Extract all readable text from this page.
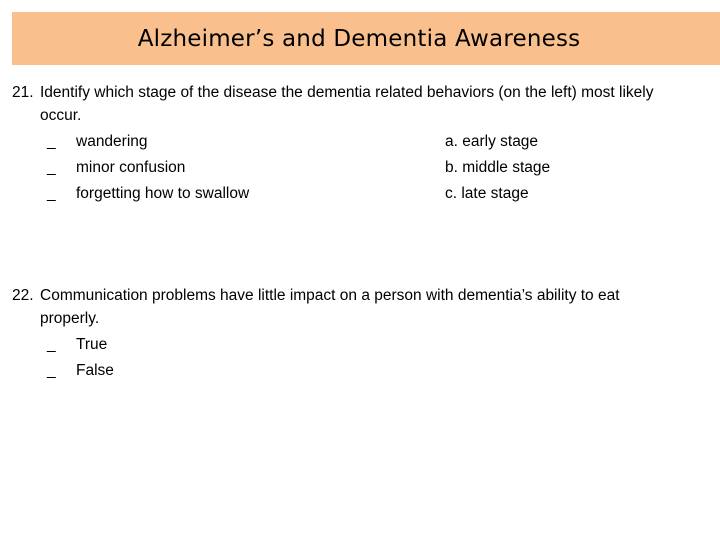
Alzheimer’s and Dementia Awareness
21. Identify which stage of the disease the dementia related behaviors (on the left) most likely
occur.
_ wandering	a. early stage
_ minor confusion	b. middle stage
_ forgetting how to swallow	c. late stage
22. Communication problems have little impact on a person with dementia’s ability to eat
properly.
_ True
_ False
